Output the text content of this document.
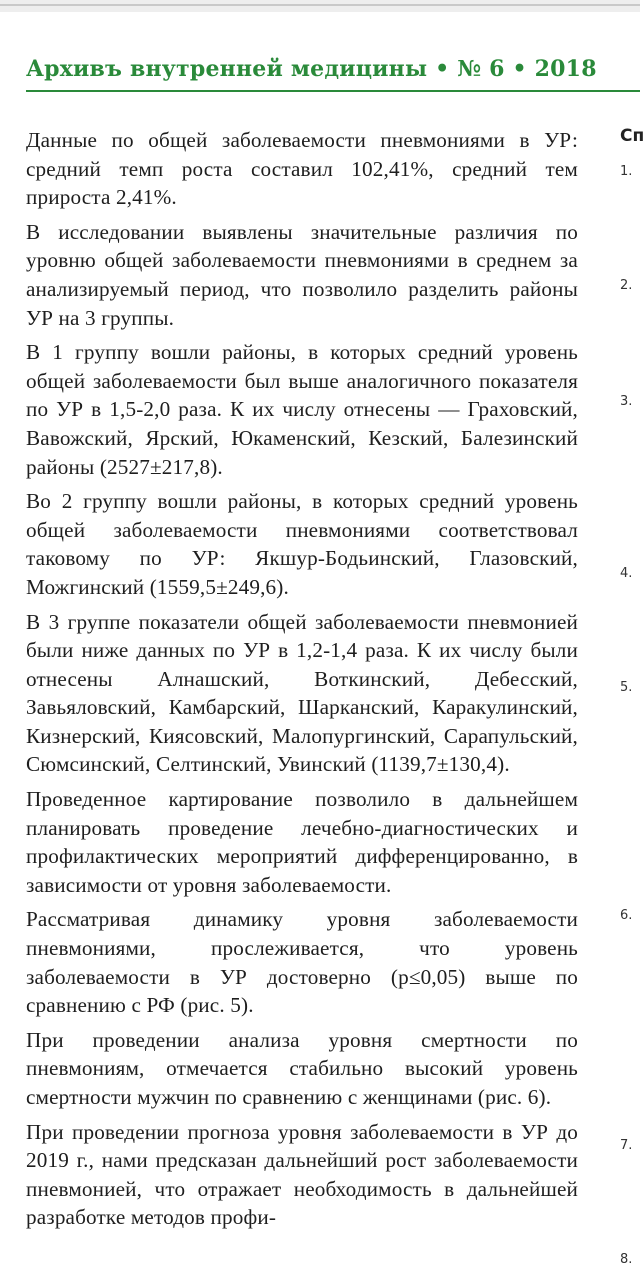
Архивъ внутренней медицины • № 6 • 2018

Данные по общей заболеваемости пневмониями в УР: средний темп роста составил 102,41%, средний тем прироста 2,41%.

В исследовании выявлены значительные различия по уровню общей заболеваемости пневмониями в среднем за анализируемый период, что позволило разделить районы УР на 3 группы.

В 1 группу вошли районы, в которых средний уровень общей заболеваемости был выше аналогичного показателя по УР в 1,5-2,0 раза. К их числу отнесены — Граховский, Вавожский, Ярский, Юкаменский, Кезский, Балезинский районы (2527±217,8).

Во 2 группу вошли районы, в которых средний уровень общей заболеваемости пневмониями соответствовал таковому по УР: Якшур-Бодьинский, Глазовский, Можгинский (1559,5±249,6).

В 3 группе показатели общей заболеваемости пневмонией были ниже данных по УР в 1,2-1,4 раза. К их числу были отнесены Алнашский, Воткинский, Дебесский, Завьяловский, Камбарский, Шарканский, Каракулинский, Кизнерский, Киясовский, Малопургинский, Сарапульский, Сюмсинский, Селтинский, Увинский (1139,7±130,4).

Проведенное картирование позволило в дальнейшем планировать проведение лечебно-диагностических и профилактических мероприятий дифференцированно, в зависимости от уровня заболеваемости.

Рассматривая динамику уровня заболеваемости пневмониями, прослеживается, что уровень заболеваемости в УР достоверно (р≤0,05) выше по сравнению с РФ (рис. 5).

При проведении анализа уровня смертности по пневмониям, отмечается стабильно высокий уровень смертности мужчин по сравнению с женщинами (рис. 6).

При проведении прогноза уровня заболеваемости в УР до 2019 г., нами предсказан дальнейший рост заболеваемости пневмонией, что отражает необходимость в дальнейшей разработке методов профи-

Сп
1.
2.
3.
4.
5.
6.
7.
8.
